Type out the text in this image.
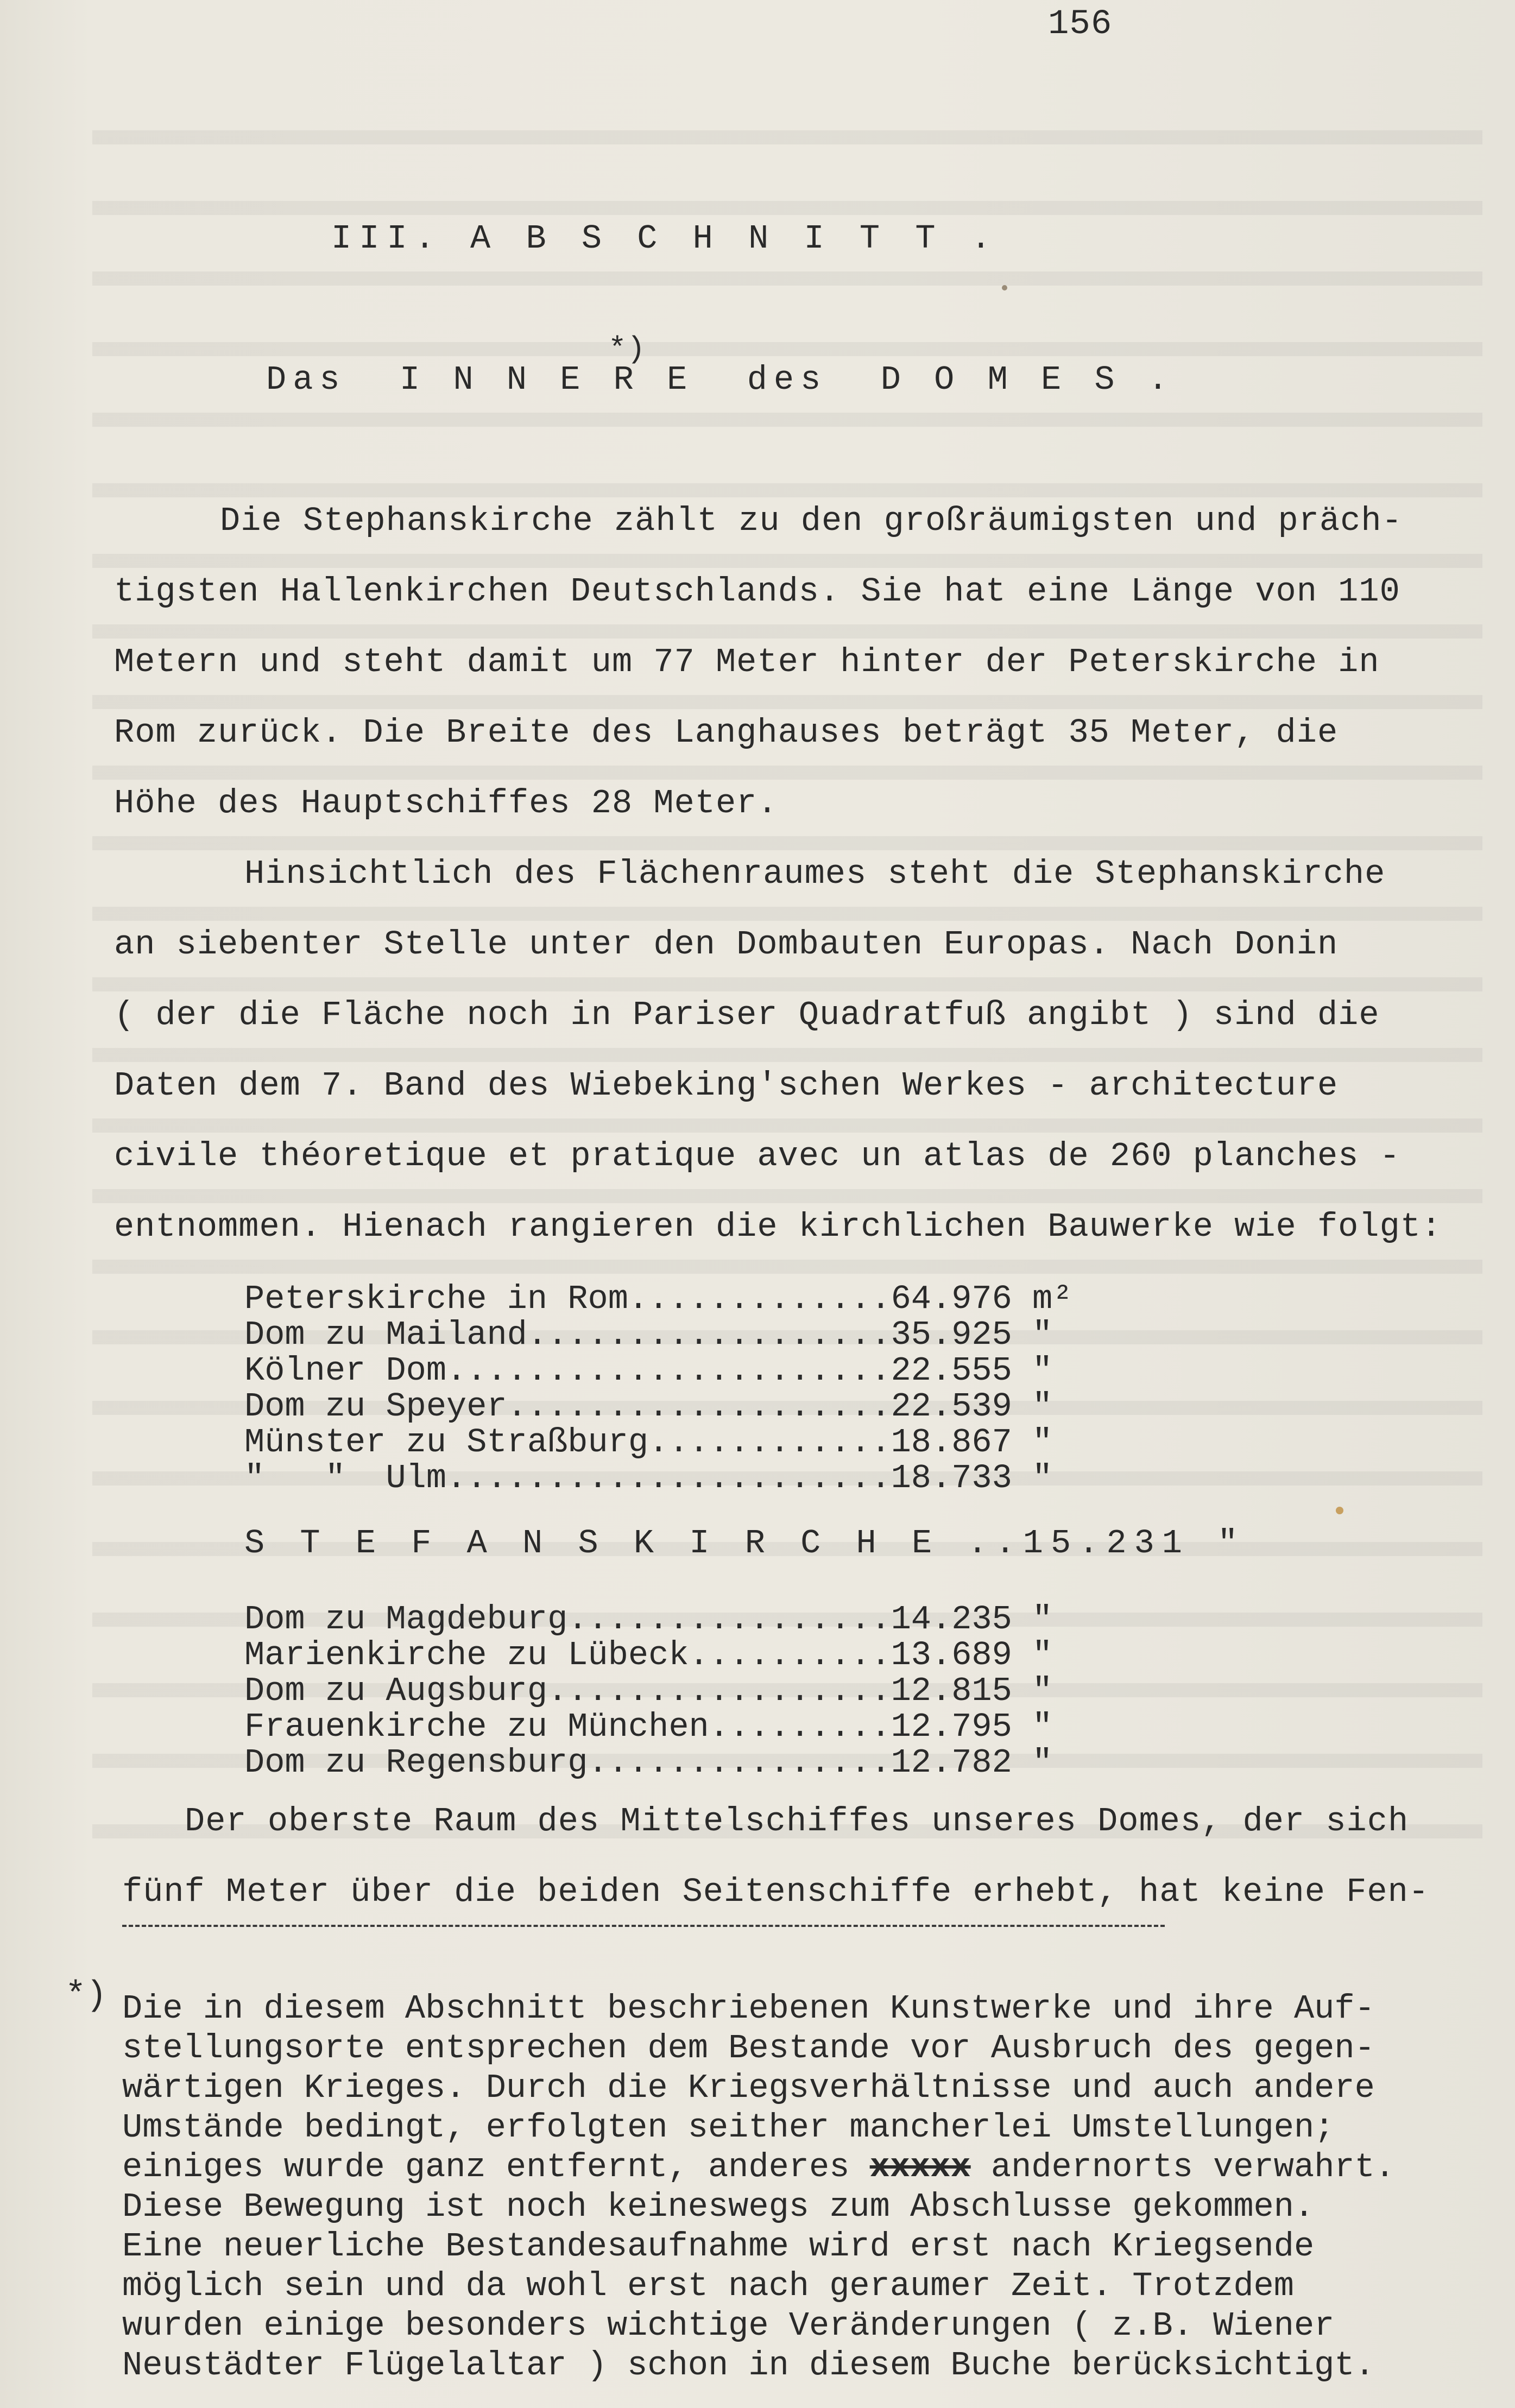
156
III. A B S C H N I T T .
*)
Das  I N N E R E  des  D O M E S .
Die Stephanskirche zählt zu den großräumigsten und präch-
tigsten Hallenkirchen Deutschlands. Sie hat eine Länge von 110
Metern und steht damit um 77 Meter hinter der Peterskirche in
Rom zurück. Die Breite des Langhauses beträgt 35 Meter, die
Höhe des Hauptschiffes 28 Meter.
Hinsichtlich des Flächenraumes steht die Stephanskirche
an siebenter Stelle unter den Dombauten Europas. Nach Donin
( der die Fläche noch in Pariser Quadratfuß angibt ) sind die
Daten dem 7. Band des Wiebeking'schen Werkes - architecture
civile théoretique et pratique avec un atlas de 260 planches -
entnommen. Hienach rangieren die kirchlichen Bauwerke wie folgt:
Peterskirche in Rom.............64.976 m²
Dom zu Mailand..................35.925 "
Kölner Dom......................22.555 "
Dom zu Speyer...................22.539 "
Münster zu Straßburg............18.867 "
"   "  Ulm......................18.733 "
S T E F A N S K I R C H E ..15.231 "
Dom zu Magdeburg................14.235 "
Marienkirche zu Lübeck..........13.689 "
Dom zu Augsburg.................12.815 "
Frauenkirche zu München.........12.795 "
Dom zu Regensburg...............12.782 "
Der oberste Raum des Mittelschiffes unseres Domes, der sich
fünf Meter über die beiden Seitenschiffe erhebt, hat keine Fen-
*) Die in diesem Abschnitt beschriebenen Kunstwerke und ihre Auf-
stellungsorte entsprechen dem Bestande vor Ausbruch des gegen-
wärtigen Krieges. Durch die Kriegsverhältnisse und auch andere
Umstände bedingt, erfolgten seither mancherlei Umstellungen;
einiges wurde ganz entfernt, anderes xxxxx andernorts verwahrt.
Diese Bewegung ist noch keineswegs zum Abschlusse gekommen.
Eine neuerliche Bestandesaufnahme wird erst nach Kriegsende
möglich sein und da wohl erst nach geraumer Zeit. Trotzdem
wurden einige besonders wichtige Veränderungen ( z.B. Wiener
Neustädter Flügelaltar ) schon in diesem Buche berücksichtigt.
